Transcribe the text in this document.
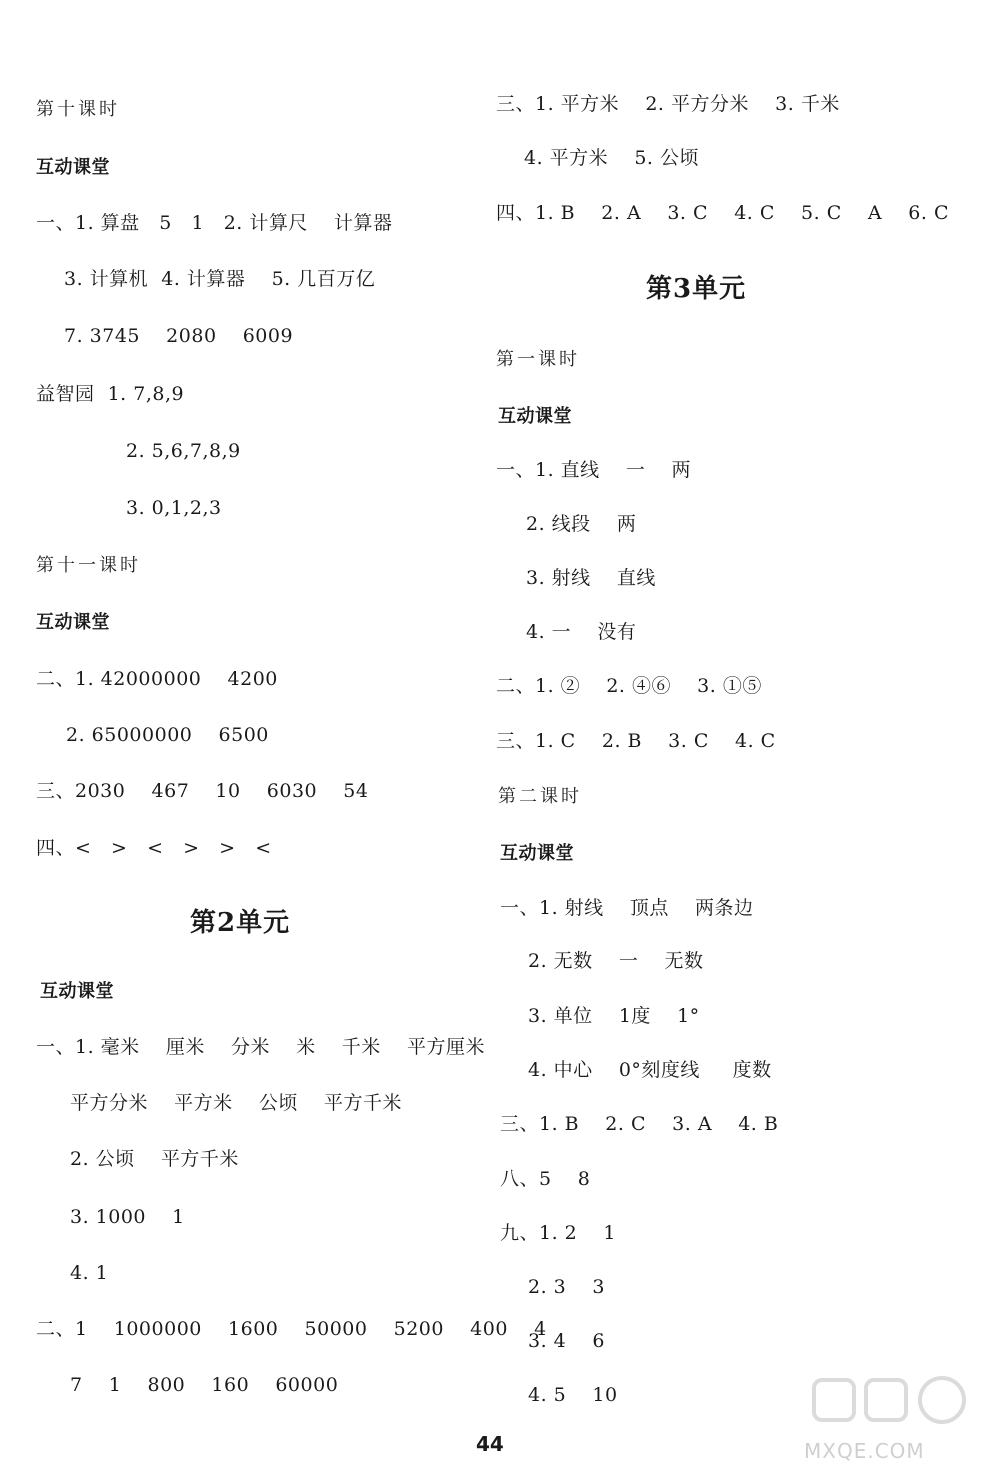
第十课时
互动课堂
一、1. 算盘   5   1   2. 计算尺    计算器
3. 计算机  4. 计算器    5. 几百万亿
7. 3745    2080    6009
益智园  1. 7,8,9
2. 5,6,7,8,9
3. 0,1,2,3
第十一课时
互动课堂
二、1. 42000000    4200
2. 65000000    6500
三、2030    467    10    6030    54
四、<   >   <   >   >   <
第2单元
互动课堂
一、1. 毫米    厘米    分米    米    千米    平方厘米
平方分米    平方米    公顷    平方千米
2. 公顷    平方千米
3. 1000    1
4. 1
二、1    1000000    1600    50000    5200    400    4
7    1    800    160    60000
三、1. 平方米    2. 平方分米    3. 千米
4. 平方米    5. 公顷
四、1. B    2. A    3. C    4. C    5. C    A    6. C
第3单元
第一课时
互动课堂
一、1. 直线    一    两
2. 线段    两
3. 射线    直线
4. 一    没有
二、1. ②    2. ④⑥    3. ①⑤
三、1. C    2. B    3. C    4. C
第二课时
互动课堂
一、1. 射线    顶点    两条边
2. 无数    一    无数
3. 单位    1度    1°
4. 中心    0°刻度线     度数
三、1. B    2. C    3. A    4. B
八、5    8
九、1. 2    1
2. 3    3
3. 4    6
4. 5    10
44	MXQE.COM
